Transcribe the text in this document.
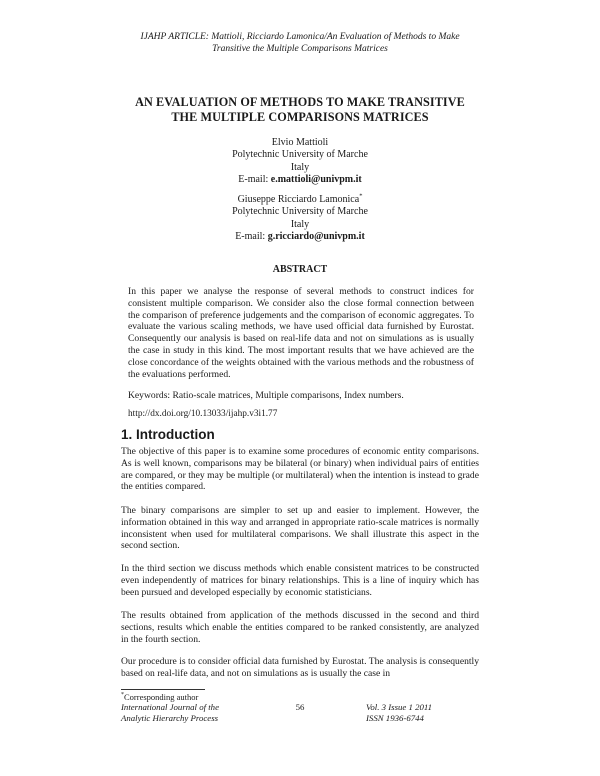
IJAHP ARTICLE: Mattioli, Ricciardo Lamonica/An Evaluation of Methods to Make
Transitive the Multiple Comparisons Matrices
AN EVALUATION OF METHODS TO MAKE TRANSITIVE
THE MULTIPLE COMPARISONS MATRICES
Elvio Mattioli
Polytechnic University of Marche
Italy
E-mail: e.mattioli@univpm.it
Giuseppe Ricciardo Lamonica*
Polytechnic University of Marche
Italy
E-mail: g.ricciardo@univpm.it
ABSTRACT
In this paper we analyse the response of several methods to construct indices for consistent multiple comparison. We consider also the close formal connection between the comparison of preference judgements and the comparison of economic aggregates. To evaluate the various scaling methods, we have used official data furnished by Eurostat. Consequently our analysis is based on real-life data and not on simulations as is usually the case in study in this kind. The most important results that we have achieved are the close concordance of the weights obtained with the various methods and the robustness of the evaluations performed.
Keywords: Ratio-scale matrices, Multiple comparisons, Index numbers.
http://dx.doi.org/10.13033/ijahp.v3i1.77
1. Introduction
The objective of this paper is to examine some procedures of economic entity comparisons. As is well known, comparisons may be bilateral (or binary) when individual pairs of entities are compared, or they may be multiple (or multilateral) when the intention is instead to grade the entities compared.
The binary comparisons are simpler to set up and easier to implement. However, the information obtained in this way and arranged in appropriate ratio-scale matrices is normally inconsistent when used for multilateral comparisons. We shall illustrate this aspect in the second section.
In the third section we discuss methods which enable consistent matrices to be constructed even independently of matrices for binary relationships. This is a line of inquiry which has been pursued and developed especially by economic statisticians.
The results obtained from application of the methods discussed in the second and third sections, results which enable the entities compared to be ranked consistently, are analyzed in the fourth section.
Our procedure is to consider official data furnished by Eurostat. The analysis is consequently based on real-life data, and not on simulations as is usually the case in
*Corresponding author
International Journal of the
Analytic Hierarchy Process
56	Vol. 3 Issue 1 2011
ISSN 1936-6744
